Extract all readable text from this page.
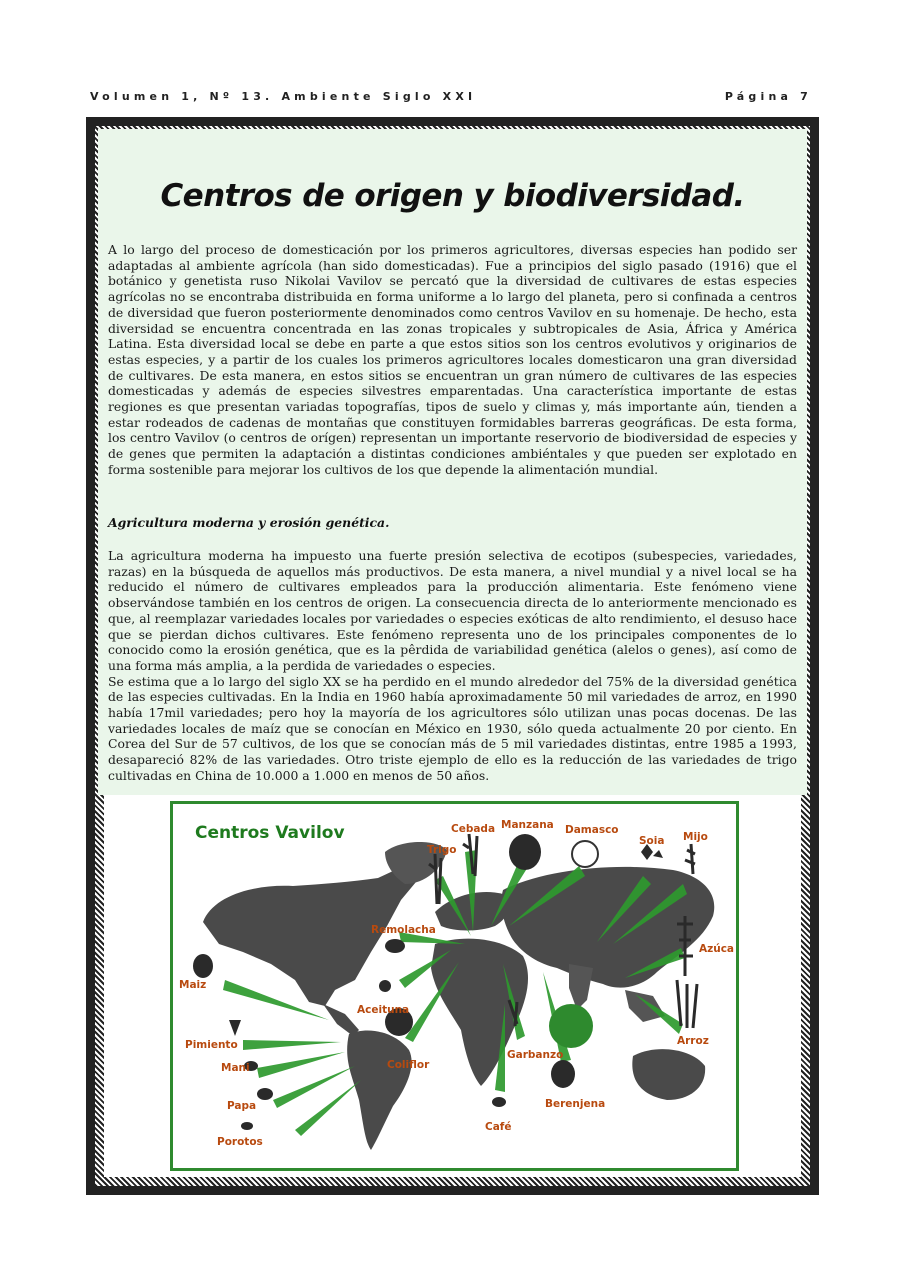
Volumen 1, Nº 13. Ambiente Siglo XXI	Página 7
Centros de origen y biodiversidad.

A lo largo del proceso de domesticación por los primeros agricultores, diversas especies han podido ser adaptadas al ambiente agrícola (han sido domesticadas). Fue a principios del siglo pasado (1916) que el botánico y genetista ruso Nikolai Vavilov se percató que la diversidad de cultivares de estas especies agrícolas no se encontraba distribuida en forma uniforme a lo largo del planeta, pero si confinada a centros de diversidad que fueron posteriormente denominados como centros Vavilov en su homenaje. De hecho, esta diversidad se encuentra concentrada en las zonas tropicales y subtropicales de Asia, África y América Latina. Esta diversidad local se debe en parte a que estos sitios son los centros evolutivos y originarios de estas especies, y a partir de los cuales los primeros agricultores locales domesticaron una gran diversidad de cultivares. De esta manera, en estos sitios se encuentran un gran número de cultivares de las especies domesticadas y además de especies silvestres emparentadas. Una característica importante de estas regiones es que presentan variadas topografías, tipos de suelo y climas y, más importante aún, tienden a estar rodeados de cadenas de montañas que constituyen formidables barreras geográficas. De esta forma, los centro Vavilov (o centros de orígen) representan un importante reservorio de biodiversidad de especies y de genes que permiten la adaptación a distintas condiciones ambiéntales y que pueden ser explotado en forma sostenible para mejorar los cultivos de los que depende la alimentación mundial.

Agricultura moderna y erosión genética.

La agricultura moderna ha impuesto una fuerte presión selectiva de ecotipos (subespecies, variedades, razas) en la búsqueda de aquellos más productivos. De esta manera, a nivel mundial y a nivel local se ha reducido el número de cultivares empleados para la producción alimentaria. Este fenómeno viene observándose también en los centros de origen. La consecuencia directa de lo anteriormente mencionado es que, al reemplazar variedades locales por variedades o especies exóticas de alto rendimiento, el desuso hace que se pierdan dichos cultivares. Este fenómeno representa uno de los principales componentes de lo conocido como la erosión genética, que es la pêrdida de variabilidad genética (alelos o genes), así como de una forma más amplia, a la perdida de variedades o especies.

Se estima que a lo largo del siglo XX se ha perdido en el mundo alrededor del 75% de la diversidad genética de las especies cultivadas. En la India en 1960 había aproximadamente 50 mil variedades de arroz, en 1990 había 17mil variedades; pero hoy la mayoría de los agricultores sólo utilizan unas pocas docenas. De las variedades locales de maíz que se conocían en México en 1930, sólo queda actualmente 20 por ciento. En Corea del Sur de 57 cultivos, de los que se conocían más de 5 mil variedades distintas, entre 1985 a 1993, desapareció 82% de las variedades. Otro triste ejemplo de ello es la reducción de las variedades de trigo cultivadas en China de 10.000 a 1.000 en menos de 50 años.

Centros Vavilov	Cebada Manzana Damasco
Soia Mijo
Trigo
Remolacha
Azúca
Maiz
Aceituna
Pimiento
Coliflor
Garbanzo
Arroz
Mani
Papa	Berenjena
Porotos
Café
